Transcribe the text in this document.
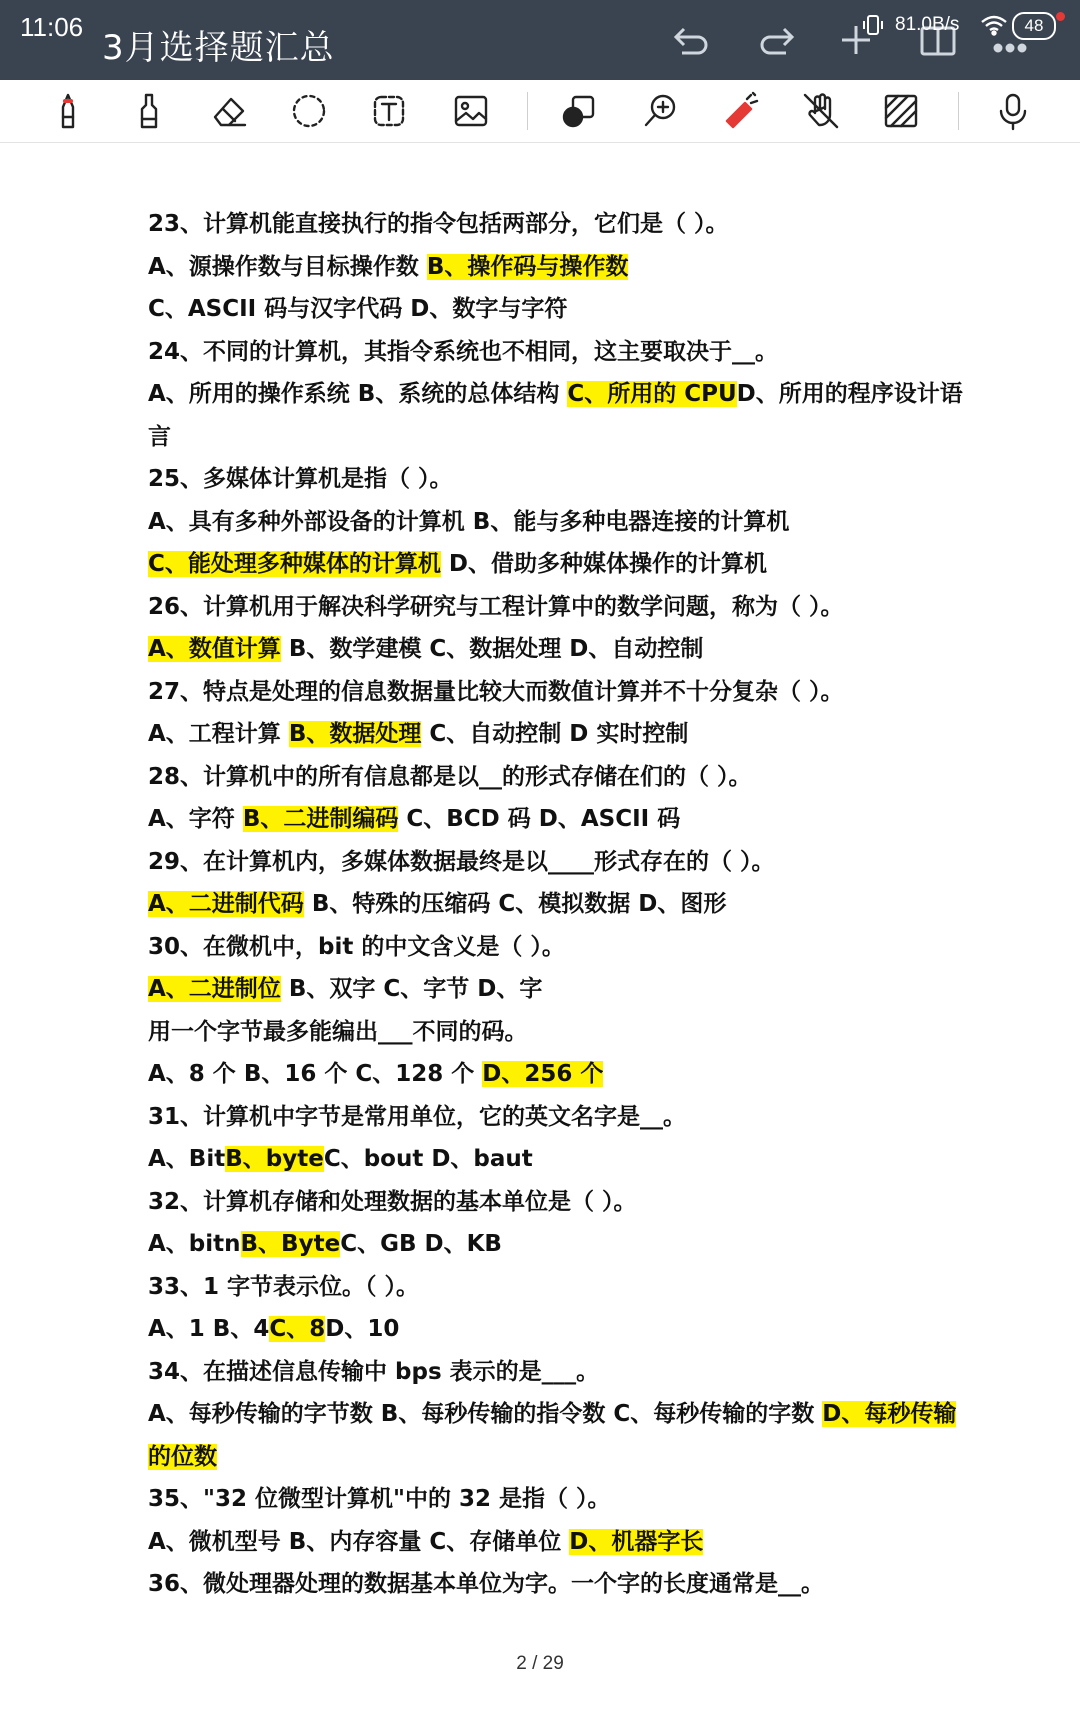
11:06
3月选择题汇总
81.0B/s	48
23、计算机能直接执行的指令包括两部分，它们是（ ）。
A、源操作数与目标操作数 B、操作码与操作数
C、ASCII 码与汉字代码 D、数字与字符
24、不同的计算机，其指令系统也不相同，这主要取决于__。
A、所用的操作系统 B、系统的总体结构 C、所用的 CPUD、所用的程序设计语
言
25、多媒体计算机是指（ ）。
A、具有多种外部设备的计算机 B、能与多种电器连接的计算机
C、能处理多种媒体的计算机 D、借助多种媒体操作的计算机
26、计算机用于解决科学研究与工程计算中的数学问题，称为（ ）。
A、数值计算 B、数学建模 C、数据处理 D、自动控制
27、特点是处理的信息数据量比较大而数值计算并不十分复杂（ ）。
A、工程计算 B、数据处理 C、自动控制 D 实时控制
28、计算机中的所有信息都是以__的形式存储在们的（ ）。
A、字符 B、二进制编码 C、BCD 码 D、ASCII 码
29、在计算机内，多媒体数据最终是以____形式存在的（ ）。
A、二进制代码 B、特殊的压缩码 C、模拟数据 D、图形
30、在微机中，bit 的中文含义是（ ）。
A、二进制位 B、双字 C、字节 D、字
用一个字节最多能编出___不同的码。
A、8 个 B、16 个 C、128 个 D、256 个
31、计算机中字节是常用单位，它的英文名字是__。
A、BitB、byteC、bout D、baut
32、计算机存储和处理数据的基本单位是（ ）。
A、bitnB、ByteC、GB D、KB
33、1 字节表示位。（ ）。
A、1 B、4C、8D、10
34、在描述信息传输中 bps 表示的是___。
A、每秒传输的字节数 B、每秒传输的指令数 C、每秒传输的字数 D、每秒传输
的位数
35、"32 位微型计算机"中的 32 是指（ ）。
A、微机型号 B、内存容量 C、存储单位 D、机器字长
36、微处理器处理的数据基本单位为字。一个字的长度通常是__。
2 / 29
